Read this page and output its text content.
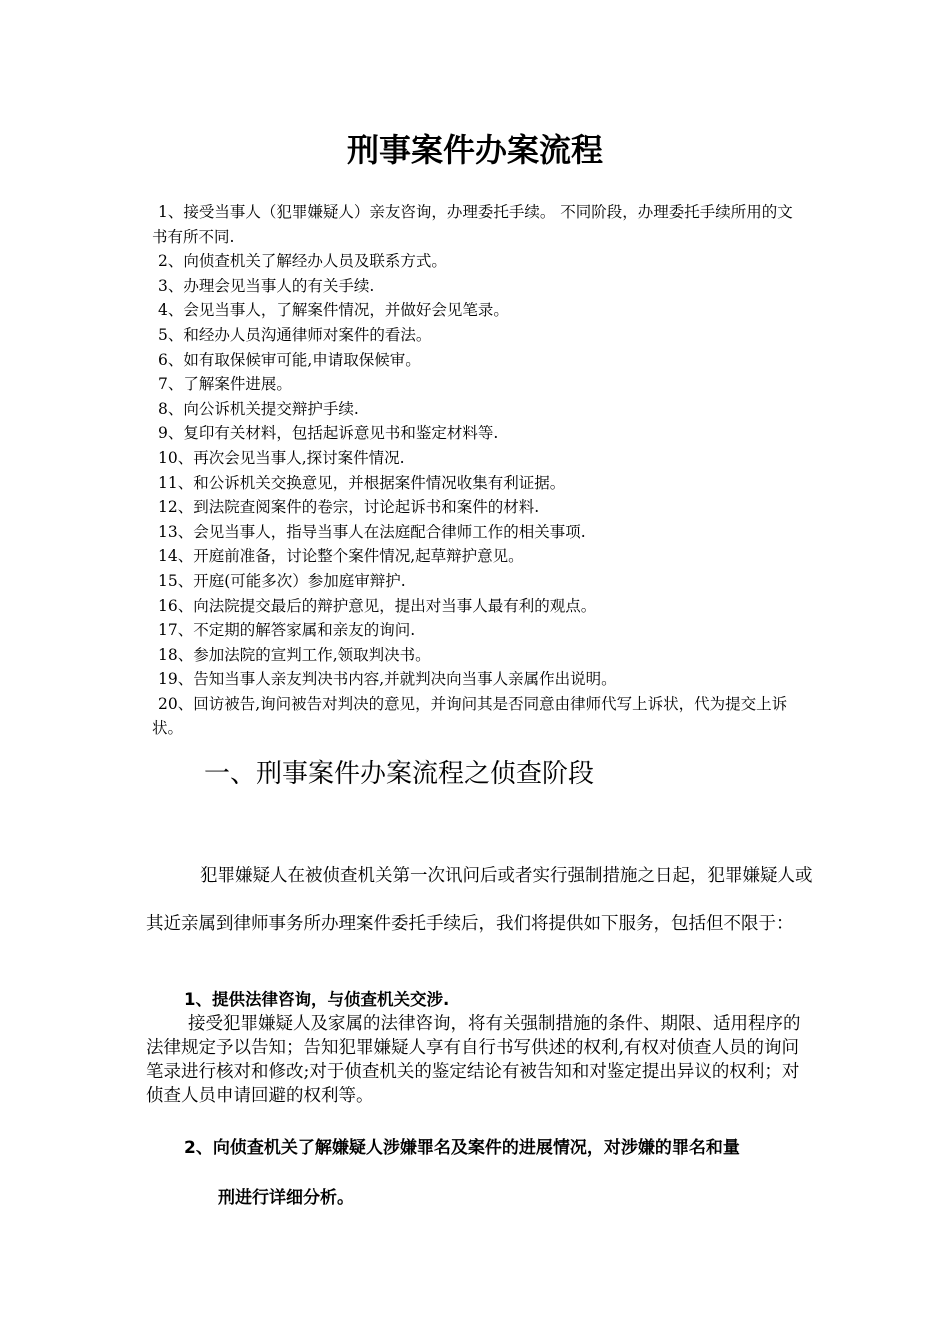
刑事案件办案流程
1、接受当事人（犯罪嫌疑人）亲友咨询，办理委托手续。 不同阶段，办理委托手续所用的文书有所不同.
2、向侦查机关了解经办人员及联系方式。
3、办理会见当事人的有关手续.
4、会见当事人，了解案件情况，并做好会见笔录。
5、和经办人员沟通律师对案件的看法。
6、如有取保候审可能,申请取保候审。
7、了解案件进展。
8、向公诉机关提交辩护手续.
9、复印有关材料，包括起诉意见书和鉴定材料等.
10、再次会见当事人,探讨案件情况.
11、和公诉机关交换意见，并根据案件情况收集有利证据。
12、到法院查阅案件的卷宗，讨论起诉书和案件的材料.
13、会见当事人，指导当事人在法庭配合律师工作的相关事项.
14、开庭前准备，讨论整个案件情况,起草辩护意见。
15、开庭(可能多次）参加庭审辩护.
16、向法院提交最后的辩护意见，提出对当事人最有利的观点。
17、不定期的解答家属和亲友的询问.
18、参加法院的宣判工作,领取判决书。
19、告知当事人亲友判决书内容,并就判决向当事人亲属作出说明。
20、回访被告,询问被告对判决的意见，并询问其是否同意由律师代写上诉状，代为提交上诉状。
一、刑事案件办案流程之侦查阶段

犯罪嫌疑人在被侦查机关第一次讯问后或者实行强制措施之日起，犯罪嫌疑人或其近亲属到律师事务所办理案件委托手续后，我们将提供如下服务，包括但不限于：

1、提供法律咨询，与侦查机关交涉.

接受犯罪嫌疑人及家属的法律咨询，将有关强制措施的条件、期限、适用程序的法律规定予以告知；告知犯罪嫌疑人享有自行书写供述的权利,有权对侦查人员的询问笔录进行核对和修改;对于侦查机关的鉴定结论有被告知和对鉴定提出异议的权利；对侦查人员申请回避的权利等。

2、向侦查机关了解嫌疑人涉嫌罪名及案件的进展情况，对涉嫌的罪名和量

刑进行详细分析。
